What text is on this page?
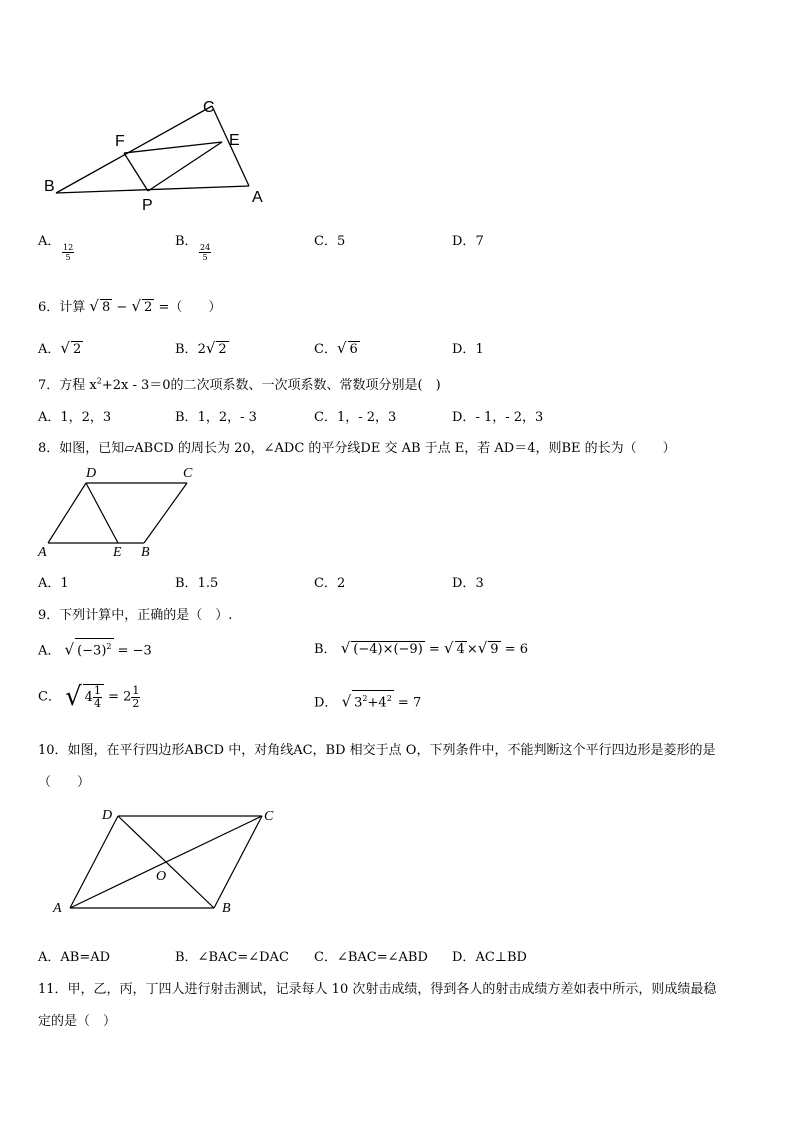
C
F	E
B
P	A
A．
$\frac{12}{5}$
B．
$\frac{24}{5}$
C．5	D．7
6．计算 √ 8 − √ 2 =（　　）
A．√ 2	B．2√ 2	C．√ 6	D．1
7．方程 $x^2+2x - 3=0$的二次项系数、一次项系数、常数项分别是(　)
A．1，2，3	B．1，2，- 3	C．1，- 2，3	D．- 1，- 2，3
8．如图，已知▱ABCD 的周长为 20，∠ADC 的平分线DE 交 AB 于点 E，若 AD＝4，则BE 的长为（　　）
D	C
A	E B
A．1	B．1.5	C．2	D．3
9．下列计算中，正确的是（　）.
A． √ $(-3)^2 = -3$	B． √ (−4)×(−9) = √ 4 ×√ 9 = 6
C． √ $4 \frac{1}{4} = 2 \frac{1}{2}$	D． √ $3^2+4^2 = 7$
10．如图，在平行四边形ABCD 中，对角线AC，BD 相交于点 O，下列条件中，不能判断这个平行四边形是菱形的是
（　　）
D	C
O
A	B
A．AB=AD	B．∠BAC=∠DAC C．∠BAC=∠ABD D．AC⊥BD
11．甲，乙，丙，丁四人进行射击测试，记录每人 10 次射击成绩，得到各人的射击成绩方差如表中所示，则成绩最稳
定的是（　）
